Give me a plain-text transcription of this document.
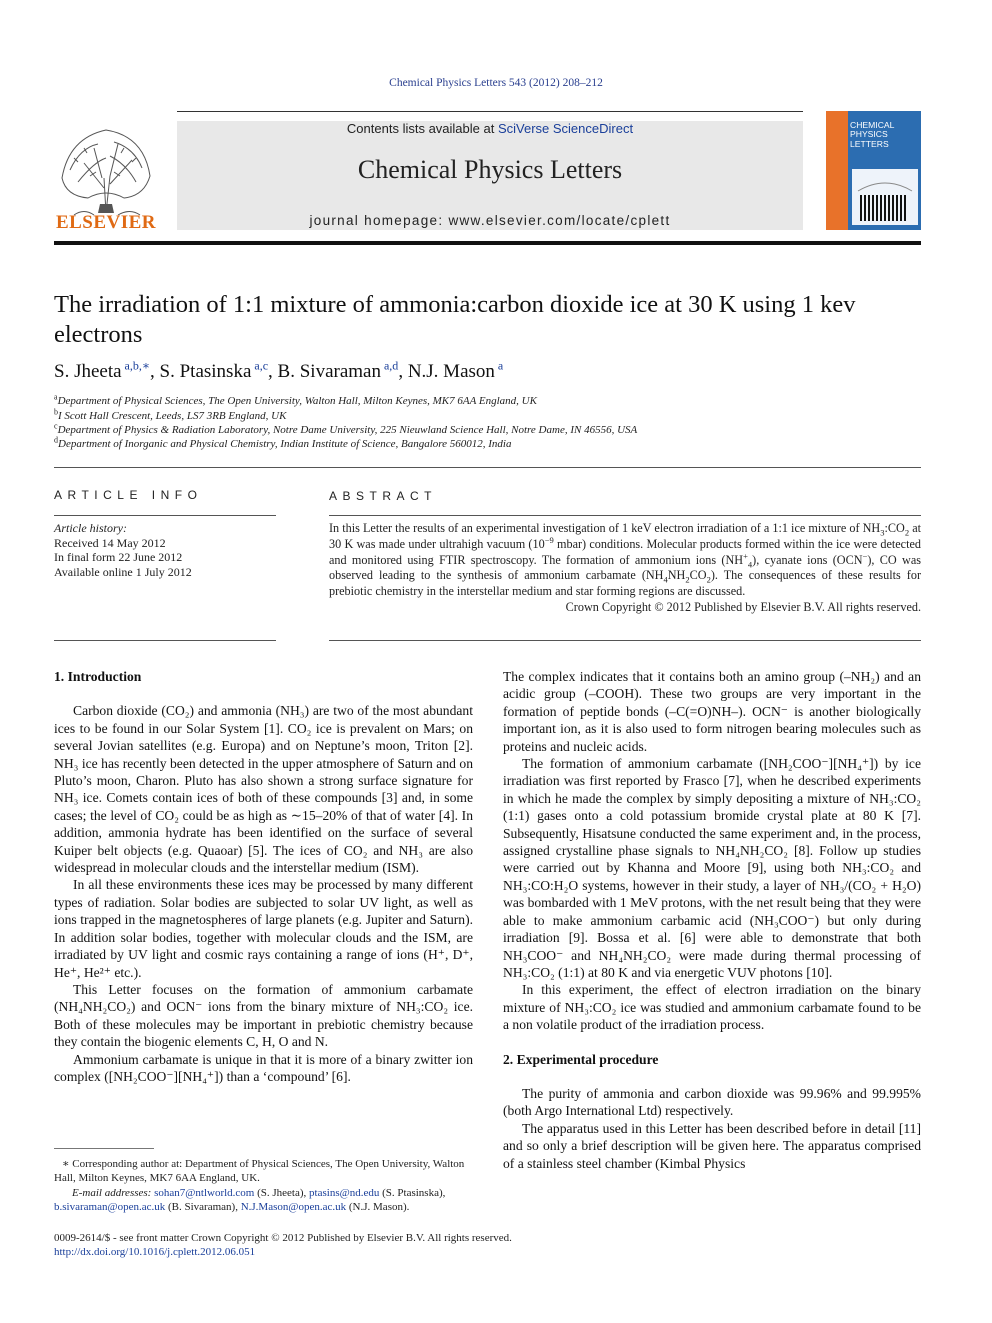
Chemical Physics Letters 543 (2012) 208–212
Contents lists available at SciVerse ScienceDirect
Chemical Physics Letters
journal homepage: www.elsevier.com/locate/cplett
ELSEVIER
CHEMICAL
PHYSICS
LETTERS
The irradiation of 1:1 mixture of ammonia:carbon dioxide ice at 30 K using 1 kev electrons
S. Jheeta $^{a,b,∗}$, S. Ptasinska $^{a,c}$, B. Sivaraman $^{a,d}$, N.J. Mason $^a$
$^a$Department of Physical Sciences, The Open University, Walton Hall, Milton Keynes, MK7 6AA England, UK
$^b$I Scott Hall Crescent, Leeds, LS7 3RB England, UK
$^c$Department of Physics & Radiation Laboratory, Notre Dame University, 225 Nieuwland Science Hall, Notre Dame, IN 46556, USA
$^d$Department of Inorganic and Physical Chemistry, Indian Institute of Science, Bangalore 560012, India
ARTICLE INFO
Article history:
Received 14 May 2012
In final form 22 June 2012
Available online 1 July 2012
ABSTRACT
In this Letter the results of an experimental investigation of 1 keV electron irradiation of a 1:1 ice mixture of $NH_3:CO_2$ at 30 K was made under ultrahigh vacuum ($10^{-9}$ mbar) conditions. Molecular products formed within the ice were detected and monitored using FTIR spectroscopy. The formation of ammonium ions $(NH^+_4)$, cyanate ions (OCN−), CO was observed leading to the synthesis of ammonium carbamate $(NH_4NH_2CO_2)$. The consequences of these results for prebiotic chemistry in the interstellar medium and star forming regions are discussed.
Crown Copyright © 2012 Published by Elsevier B.V. All rights reserved.
1. Introduction

Carbon dioxide (CO₂) and ammonia (NH₃) are two of the most abundant ices to be found in our Solar System [1]. CO₂ ice is prevalent on Mars; on several Jovian satellites (e.g. Europa) and on Neptune’s moon, Triton [2]. NH₃ ice has recently been detected in the upper atmosphere of Saturn and on Pluto’s moon, Charon. Pluto has also shown a strong surface signature for NH₃ ice. Comets contain ices of both of these compounds [3] and, in some cases; the level of CO₂ could be as high as ∼15–20% of that of water [4]. In addition, ammonia hydrate has been identified on the surface of several Kuiper belt objects (e.g. Quaoar) [5]. The ices of CO₂ and NH₃ are also widespread in molecular clouds and the interstellar medium (ISM).

In all these environments these ices may be processed by many different types of radiation. Solar bodies are subjected to solar UV light, as well as ions trapped in the magnetospheres of large planets (e.g. Jupiter and Saturn). In addition solar bodies, together with molecular clouds and the ISM, are irradiated by UV light and cosmic rays containing a range of ions (H⁺, D⁺, He⁺, He²⁺ etc.).

This Letter focuses on the formation of ammonium carbamate (NH₄NH₂CO₂) and OCN⁻ ions from the binary mixture of NH₃:CO₂ ice. Both of these molecules may be important in prebiotic chemistry because they contain the biogenic elements C, H, O and N.

Ammonium carbamate is unique in that it is more of a binary zwitter ion complex ([NH₂COO⁻][NH₄⁺]) than a ‘compound’ [6].

The complex indicates that it contains both an amino group (–NH₂) and an acidic group (–COOH). These two groups are very important in the formation of peptide bonds (–C(=O)NH–). OCN⁻ is another biologically important ion, as it is also used to form nitrogen bearing molecules such as proteins and nucleic acids.

The formation of ammonium carbamate ([NH₂COO⁻][NH₄⁺]) by ice irradiation was first reported by Frasco [7], when he described experiments in which he made the complex by simply depositing a mixture of NH₃:CO₂ (1:1) gases onto a cold potassium bromide crystal plate at 80 K [7]. Subsequently, Hisatsune conducted the same experiment and, in the process, assigned crystalline phase signals to NH₄NH₂CO₂ [8]. Follow up studies were carried out by Khanna and Moore [9], using both NH₃:CO₂ and NH₃:CO:H₂O systems, however in their study, a layer of NH₃/(CO₂ + H₂O) was bombarded with 1 MeV protons, with the net result being that they were able to make ammonium carbamic acid (NH₃COO⁻) but only during irradiation [9]. Bossa et al. [6] were able to demonstrate that both NH₃COO⁻ and NH₄NH₂CO₂ were made during thermal processing of NH₃:CO₂ (1:1) at 80 K and via energetic VUV photons [10].

In this experiment, the effect of electron irradiation on the binary mixture of NH₃:CO₂ ice was studied and ammonium carbamate found to be a non volatile product of the irradiation process.

2. Experimental procedure

The purity of ammonia and carbon dioxide was 99.96% and 99.995% (both Argo International Ltd) respectively.

The apparatus used in this Letter has been described before in detail [11] and so only a brief description will be given here. The apparatus comprised of a stainless steel chamber (Kimbal Physics

∗ Corresponding author at: Department of Physical Sciences, The Open University, Walton Hall, Milton Keynes, MK7 6AA England, UK.
E-mail addresses: sohan7@ntlworld.com (S. Jheeta), ptasins@nd.edu (S. Ptasinska), b.sivaraman@open.ac.uk (B. Sivaraman), N.J.Mason@open.ac.uk (N.J. Mason).
0009-2614/$ - see front matter Crown Copyright © 2012 Published by Elsevier B.V. All rights reserved.
http://dx.doi.org/10.1016/j.cplett.2012.06.051
